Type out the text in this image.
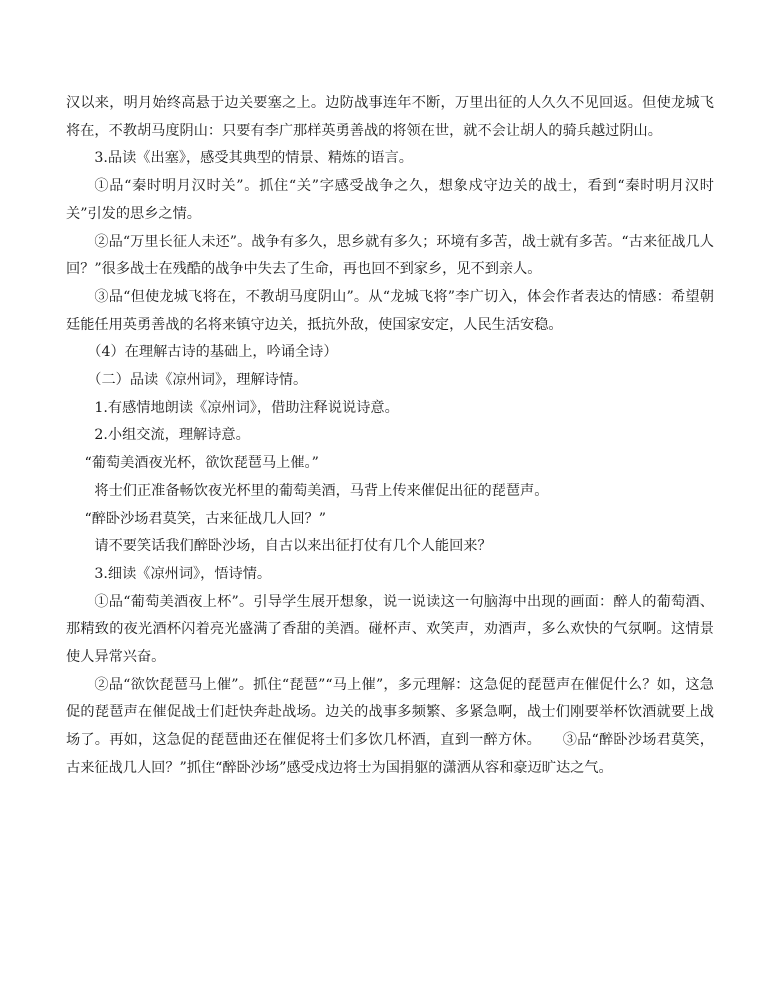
汉以来，明月始终高悬于边关要塞之上。边防战事连年不断，万里出征的人久久不见回返。但使龙城飞将在，不教胡马度阴山：只要有李广那样英勇善战的将领在世，就不会让胡人的骑兵越过阴山。

3.品读《出塞》，感受其典型的情景、精炼的语言。

①品“秦时明月汉时关”。抓住“关”字感受战争之久，想象戍守边关的战士，看到“秦时明月汉时关”引发的思乡之情。

②品“万里长征人未还”。战争有多久，思乡就有多久；环境有多苦，战士就有多苦。“古来征战几人回？”很多战士在残酷的战争中失去了生命，再也回不到家乡，见不到亲人。

③品“但使龙城飞将在，不教胡马度阴山”。从“龙城飞将”李广切入，体会作者表达的情感：希望朝廷能任用英勇善战的名将来镇守边关，抵抗外敌，使国家安定，人民生活安稳。

（4）在理解古诗的基础上，吟诵全诗）

（二）品读《凉州词》，理解诗情。

1.有感情地朗读《凉州词》，借助注释说说诗意。

2.小组交流，理解诗意。

“葡萄美酒夜光杯，欲饮琵琶马上催。”

将士们正准备畅饮夜光杯里的葡萄美酒，马背上传来催促出征的琵琶声。

“醉卧沙场君莫笑，古来征战几人回？”

请不要笑话我们醉卧沙场，自古以来出征打仗有几个人能回来？

3.细读《凉州词》，悟诗情。

①品“葡萄美酒夜上杯”。引导学生展开想象，说一说读这一句脑海中出现的画面：醉人的葡萄酒、那精致的夜光酒杯闪着亮光盛满了香甜的美酒。碰杯声、欢笑声，劝酒声，多么欢快的气氛啊。这情景使人异常兴奋。

②品“欲饮琵琶马上催”。抓住“琵琶”“马上催”，多元理解：这急促的琵琶声在催促什么？如，这急促的琵琶声在催促战士们赶快奔赴战场。边关的战事多频繁、多紧急啊，战士们刚要举杯饮酒就要上战场了。再如，这急促的琵琶曲还在催促将士们多饮几杯酒，直到一醉方休。　　③品“醉卧沙场君莫笑，古来征战几人回？”抓住“醉卧沙场”感受戍边将士为国捐躯的潇洒从容和豪迈旷达之气。
